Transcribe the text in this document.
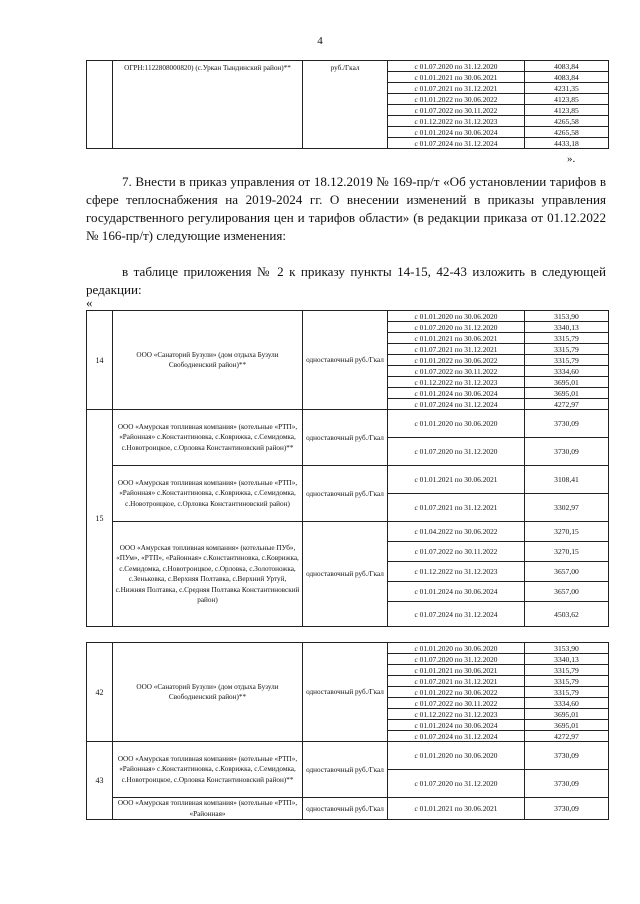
4
	ОГРН:1122808000820) (с.Уркан Тындинский район)**	руб./Гкал	с 01.07.2020 по 31.12.2020	4083,84
			с 01.01.2021 по 30.06.2021	4083,84
			с 01.07.2021 по 31.12.2021	4231,35
			с 01.01.2022 по 30.06.2022	4123,85
			с 01.07.2022 по 30.11.2022	4123,85
			с 01.12.2022 по 31.12.2023	4265,58
			с 01.01.2024 по 30.06.2024	4265,58
			с 01.07.2024 по 31.12.2024	4433,18
».
7. Внести в приказ управления от 18.12.2019 № 169-пр/т «Об установлении тарифов в сфере теплоснабжения на 2019-2024 гг. О внесении изменений в приказы управления государственного регулирования цен и тарифов области» (в редакции приказа от 01.12.2022 № 166-пр/т) следующие изменения:
в таблице приложения № 2 к приказу пункты 14-15, 42-43 изложить в следующей редакции:
«
14	ООО «Санаторий Бузули» (дом отдыха Бузули Свободненский район)**	одноставочный руб./Гкал	с 01.01.2020 по 30.06.2020	3153,90
			с 01.07.2020 по 31.12.2020	3340,13
			с 01.01.2021 по 30.06.2021	3315,79
			с 01.07.2021 по 31.12.2021	3315,79
			с 01.01.2022 по 30.06.2022	3315,79
			с 01.07.2022 по 30.11.2022	3334,60
			с 01.12.2022 по 31.12.2023	3695,01
			с 01.01.2024 по 30.06.2024	3695,01
			с 01.07.2024 по 31.12.2024	4272,97
15	ООО «Амурская топливная компания» (котельные «РТП», «Районная» с.Константиновка, с.Коврижка, с.Семидомка, с.Новотроицкое, с.Орловка Константиновский район)**	одноставочный руб./Гкал	с 01.01.2020 по 30.06.2020	3730,09
			с 01.07.2020 по 31.12.2020	3730,09
	ООО «Амурская топливная компания» (котельные «РТП», «Районная» с.Константиновка, с.Коврижка, с.Семидомка, с.Новотроицкое, с.Орловка Константиновский район)	одноставочный руб./Гкал	с 01.01.2021 по 30.06.2021	3108,41
			с 01.07.2021 по 31.12.2021	3302,97
	ООО «Амурская топливная компания» (котельные ПУб», «ПУм», «РТП», «Районная» с.Константиновка, с.Коврижка, с.Семидомка, с.Новотроицкое, с.Орловка, с.Золотоножка, с.Зеньковка, с.Верхняя Полтавка, с.Верхний Уртуй, с.Нижняя Полтавка, с.Средняя Полтавка Константиновский район)	одноставочный руб./Гкал	с 01.04.2022 по 30.06.2022	3270,15
			с 01.07.2022 по 30.11.2022	3270,15
			с 01.12.2022 по 31.12.2023	3657,00
			с 01.01.2024 по 30.06.2024	3657,00
			с 01.07.2024 по 31.12.2024	4503,62
42	ООО «Санаторий Бузули» (дом отдыха Бузули Свободненский район)**	одноставочный руб./Гкал	с 01.01.2020 по 30.06.2020	3153,90
			с 01.07.2020 по 31.12.2020	3340,13
			с 01.01.2021 по 30.06.2021	3315,79
			с 01.07.2021 по 31.12.2021	3315,79
			с 01.01.2022 по 30.06.2022	3315,79
			с 01.07.2022 по 30.11.2022	3334,60
			с 01.12.2022 по 31.12.2023	3695,01
			с 01.01.2024 по 30.06.2024	3695,01
			с 01.07.2024 по 31.12.2024	4272,97
43	ООО «Амурская топливная компания» (котельные «РТП», «Районная» с.Константиновка, с.Коврижка, с.Семидомка, с.Новотроицкое, с.Орловка Константиновский район)**	одноставочный руб./Гкал	с 01.01.2020 по 30.06.2020	3730,09
			с 01.07.2020 по 31.12.2020	3730,09
	ООО «Амурская топливная компания» (котельные «РТП», «Районная»	одноставочный руб./Гкал	с 01.01.2021 по 30.06.2021	3730,09
